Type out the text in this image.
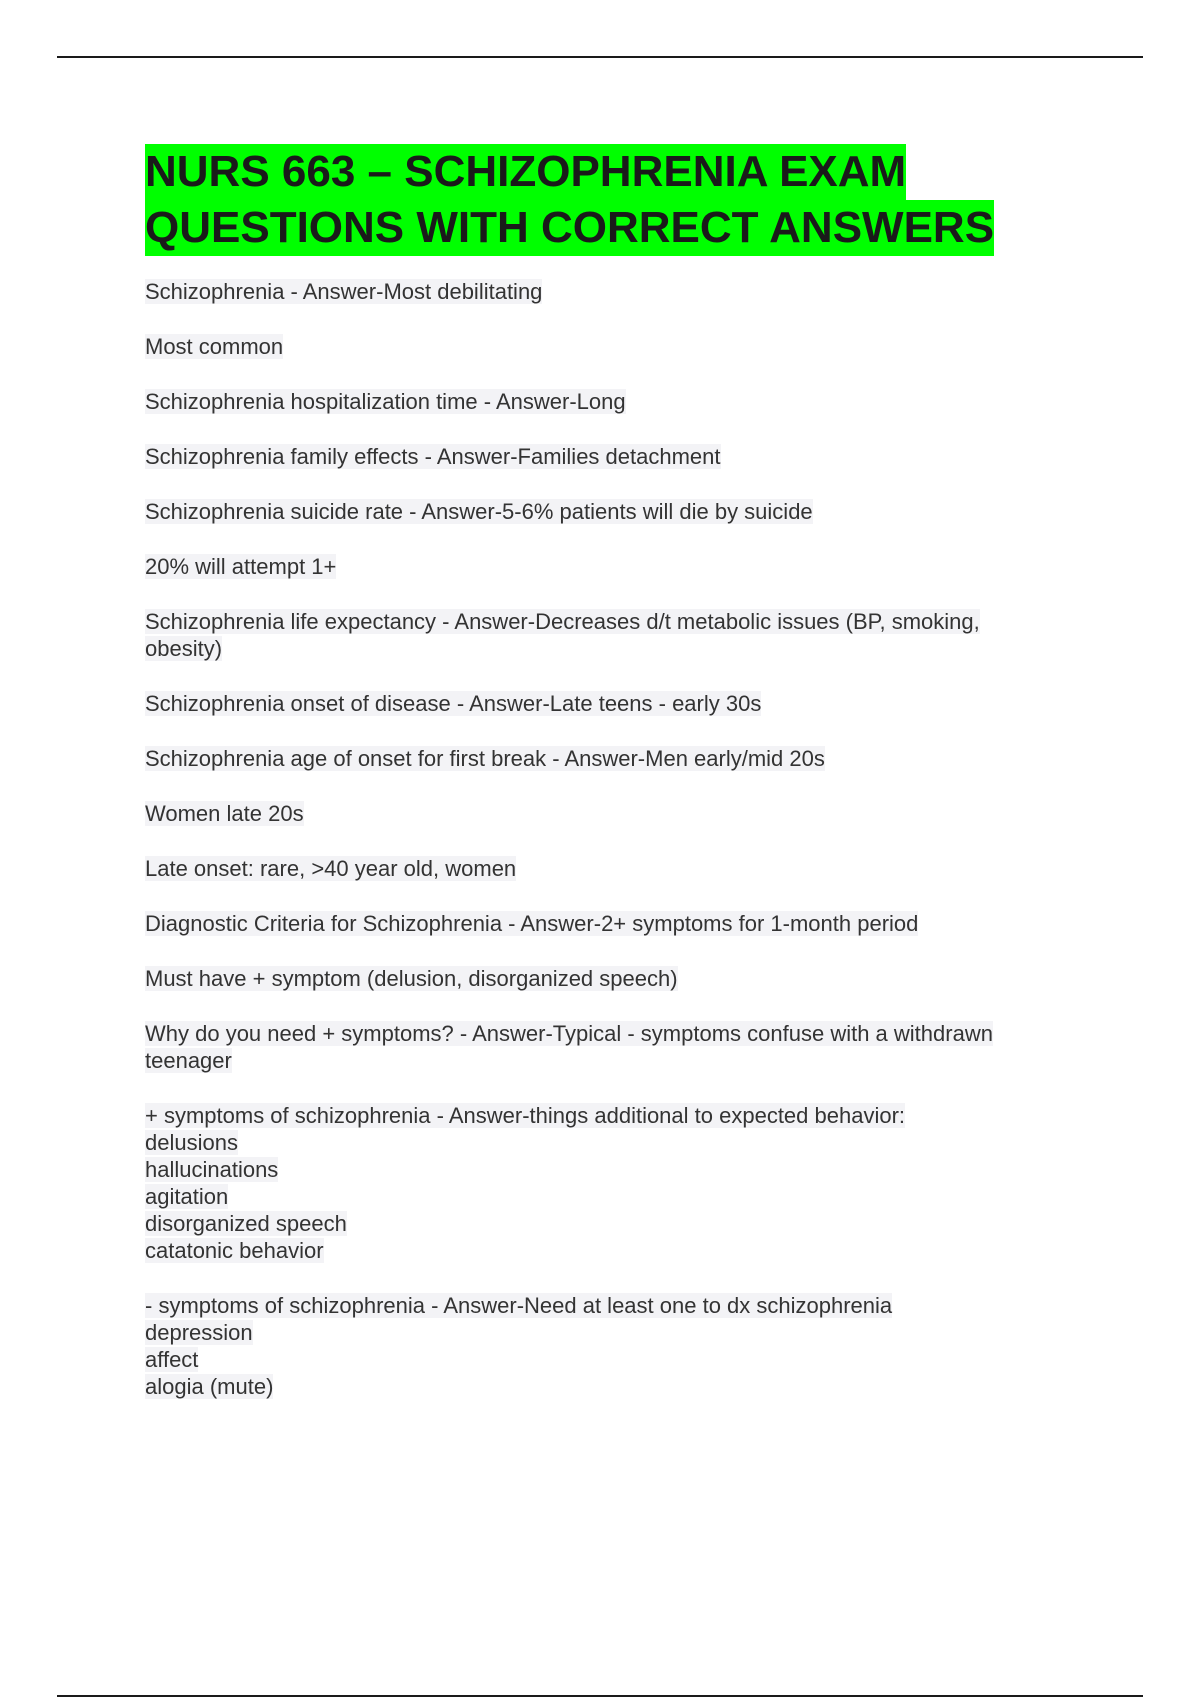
NURS 663 – SCHIZOPHRENIA EXAM
QUESTIONS WITH CORRECT ANSWERS
Schizophrenia - Answer-Most debilitating
Most common
Schizophrenia hospitalization time - Answer-Long
Schizophrenia family effects - Answer-Families detachment
Schizophrenia suicide rate - Answer-5-6% patients will die by suicide
20% will attempt 1+
Schizophrenia life expectancy - Answer-Decreases d/t metabolic issues (BP, smoking,
obesity)
Schizophrenia onset of disease - Answer-Late teens - early 30s
Schizophrenia age of onset for first break - Answer-Men early/mid 20s
Women late 20s
Late onset: rare, >40 year old, women
Diagnostic Criteria for Schizophrenia - Answer-2+ symptoms for 1-month period
Must have + symptom (delusion, disorganized speech)
Why do you need + symptoms? - Answer-Typical - symptoms confuse with a withdrawn
teenager
+ symptoms of schizophrenia - Answer-things additional to expected behavior:
delusions
hallucinations
agitation
disorganized speech
catatonic behavior
- symptoms of schizophrenia - Answer-Need at least one to dx schizophrenia
depression
affect
alogia (mute)
